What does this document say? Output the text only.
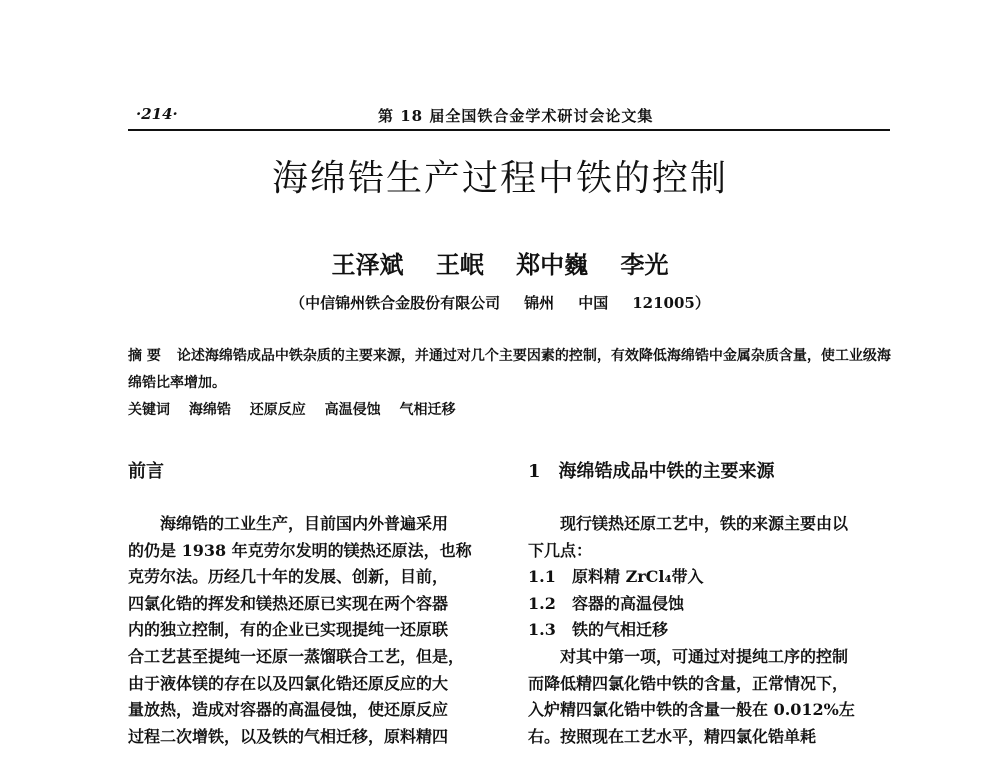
·214·	第 18 届全国铁合金学术研讨会论文集
海绵锆生产过程中铁的控制
王泽斌 王岷 郑中巍 李光
（中信锦州铁合金股份有限公司 锦州 中国 121005）
摘 要 论述海绵锆成品中铁杂质的主要来源，并通过对几个主要因素的控制，有效降低海绵锆中金属杂质含量，使工业级海绵锆比率增加。
关键词 海绵锆 还原反应 高温侵蚀 气相迁移
前言
海绵锆的工业生产，目前国内外普遍采用
的仍是 1938 年克劳尔发明的镁热还原法，也称
克劳尔法。历经几十年的发展、创新，目前，
四氯化锆的挥发和镁热还原已实现在两个容器
内的独立控制，有的企业已实现提纯一还原联
合工艺甚至提纯一还原一蒸馏联合工艺，但是，
由于液体镁的存在以及四氯化锆还原反应的大
量放热，造成对容器的高温侵蚀，使还原反应
过程二次增铁，以及铁的气相迁移，原料精四
1 海绵锆成品中铁的主要来源
现行镁热还原工艺中，铁的来源主要由以
下几点：
1.1 原料精 ZrCl₄带入
1.2 容器的高温侵蚀
1.3 铁的气相迁移
对其中第一项，可通过对提纯工序的控制
而降低精四氯化锆中铁的含量，正常情况下，
入炉精四氯化锆中铁的含量一般在 0.012%左
右。按照现在工艺水平，精四氯化锆单耗
